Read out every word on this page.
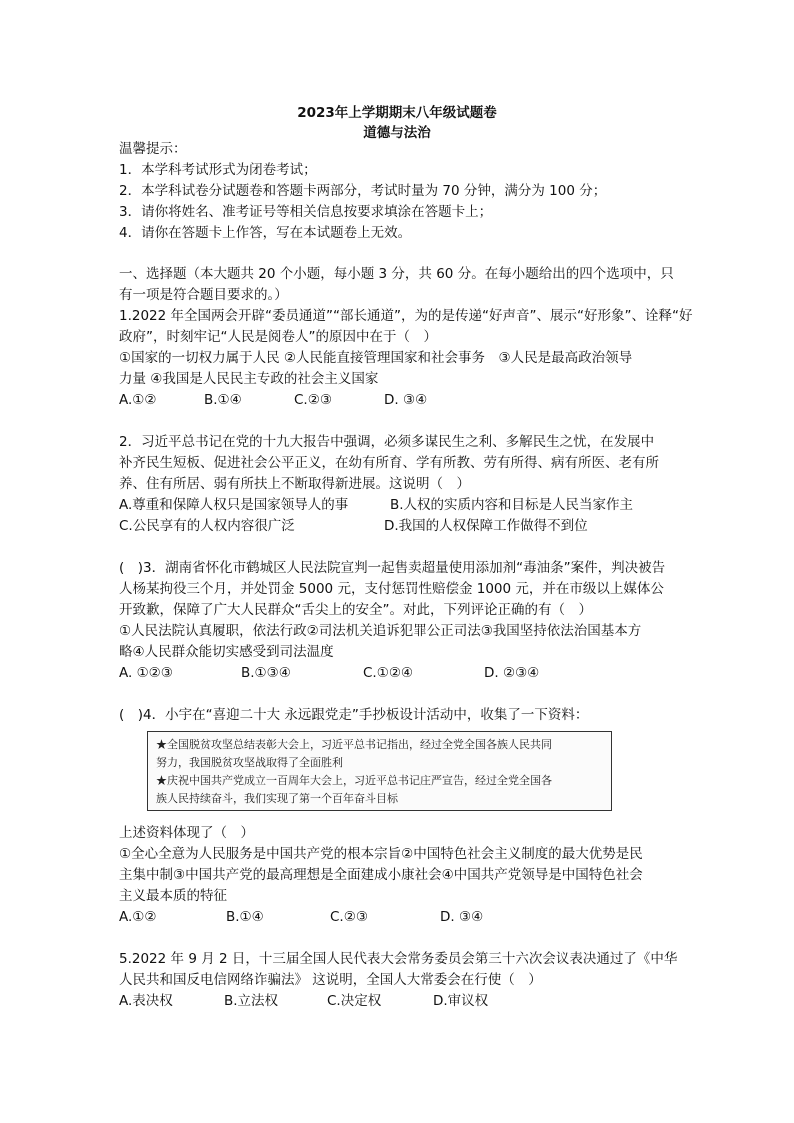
2023年上学期期末八年级试题卷
道德与法治
温馨提示：
1．本学科考试形式为闭卷考试；
2．本学科试卷分试题卷和答题卡两部分，考试时量为 70 分钟，满分为 100 分；
3．请你将姓名、准考证号等相关信息按要求填涂在答题卡上；
4．请你在答题卡上作答，写在本试题卷上无效。
一、选择题（本大题共 20 个小题，每小题 3 分，共 60 分。在每小题给出的四个选项中，只
有一项是符合题目要求的。）
1.2022 年全国两会开辟“委员通道”“部长通道”，为的是传递“好声音”、展示“好形象”、诠释“好
政府”，时刻牢记“人民是阅卷人”的原因中在于（　）
①国家的一切权力属于人民 ②人民能直接管理国家和社会事务　③人民是最高政治领导
力量 ④我国是人民民主专政的社会主义国家
A.①②	B.①④	C.②③	D. ③④
2．习近平总书记在党的十九大报告中强调，必须多谋民生之利、多解民生之忧，在发展中
补齐民生短板、促进社会公平正义，在幼有所育、学有所教、劳有所得、病有所医、老有所
养、住有所居、弱有所扶上不断取得新进展。这说明（　）
A.尊重和保障人权只是国家领导人的事	B.人权的实质内容和目标是人民当家作主
C.公民享有的人权内容很广泛	D.我国的人权保障工作做得不到位
(　)3．湖南省怀化市鹤城区人民法院宣判一起售卖超量使用添加剂“毒油条”案件，判决被告
人杨某拘役三个月，并处罚金 5000 元，支付惩罚性赔偿金 1000 元，并在市级以上媒体公
开致歉，保障了广大人民群众“舌尖上的安全”。对此，下列评论正确的有（　）
①人民法院认真履职，依法行政②司法机关追诉犯罪公正司法③我国坚持依法治国基本方
略④人民群众能切实感受到司法温度
A. ①②③	B.①③④	C.①②④	D. ②③④
(　)4．小宇在“喜迎二十大 永远跟党走”手抄板设计活动中，收集了一下资料：
★全国脱贫攻坚总结表彰大会上，习近平总书记指出，经过全党全国各族人民共同
努力，我国脱贫攻坚战取得了全面胜利
★庆祝中国共产党成立一百周年大会上，习近平总书记庄严宣告，经过全党全国各
族人民持续奋斗，我们实现了第一个百年奋斗目标
上述资料体现了（　）
①全心全意为人民服务是中国共产党的根本宗旨②中国特色社会主义制度的最大优势是民
主集中制③中国共产党的最高理想是全面建成小康社会④中国共产党领导是中国特色社会
主义最本质的特征
A.①②	B.①④	C.②③	D. ③④
5.2022 年 9 月 2 日，十三届全国人民代表大会常务委员会第三十六次会议表决通过了《中华
人民共和国反电信网络诈骗法》 这说明，全国人大常委会在行使（　）
A.表决权	B.立法权	C.决定权	D.审议权
